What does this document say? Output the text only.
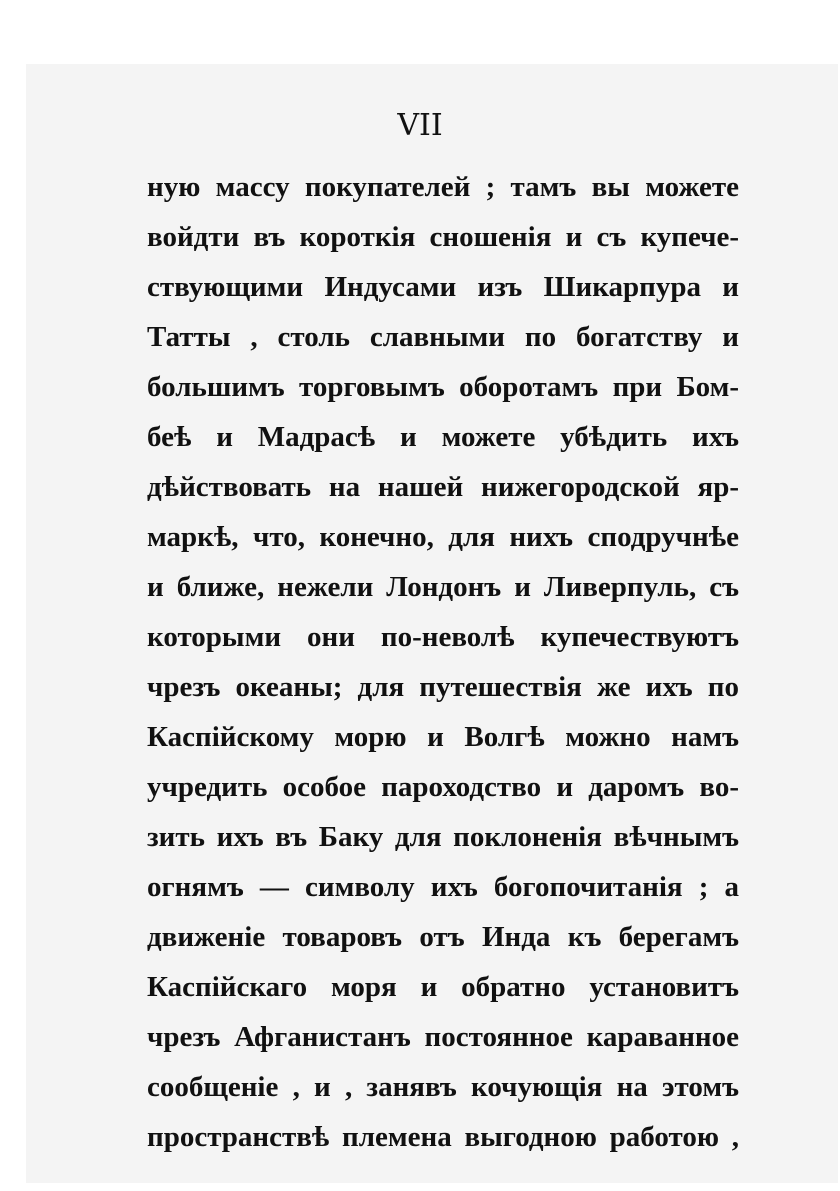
VII
ную массу покупателей ; тамъ вы можете
войдти въ короткія сношенія и съ купече-
ствующими Индусами изъ Шикарпура и
Татты , столь славными по богатству и
большимъ торговымъ оборотамъ при Бом-
беѣ и Мадрасѣ и можете убѣдить ихъ
дѣйствовать на нашей нижегородской яр-
маркѣ, что, конечно, для нихъ сподручнѣе
и ближе, нежели Лондонъ и Ливерпуль, съ
которыми они по-неволѣ купечествуютъ
чрезъ океаны; для путешествія же ихъ по
Каспійскому морю и Волгѣ можно намъ
учредить особое пароходство и даромъ во-
зить ихъ въ Баку для поклоненія вѣчнымъ
огнямъ — символу ихъ богопочитанія ; а
движеніе товаровъ отъ Инда къ берегамъ
Каспійскаго моря и обратно установитъ
чрезъ Афганистанъ постоянное караванное
сообщеніе , и , занявъ кочующія на этомъ
пространствѣ племена выгодною работою ,
